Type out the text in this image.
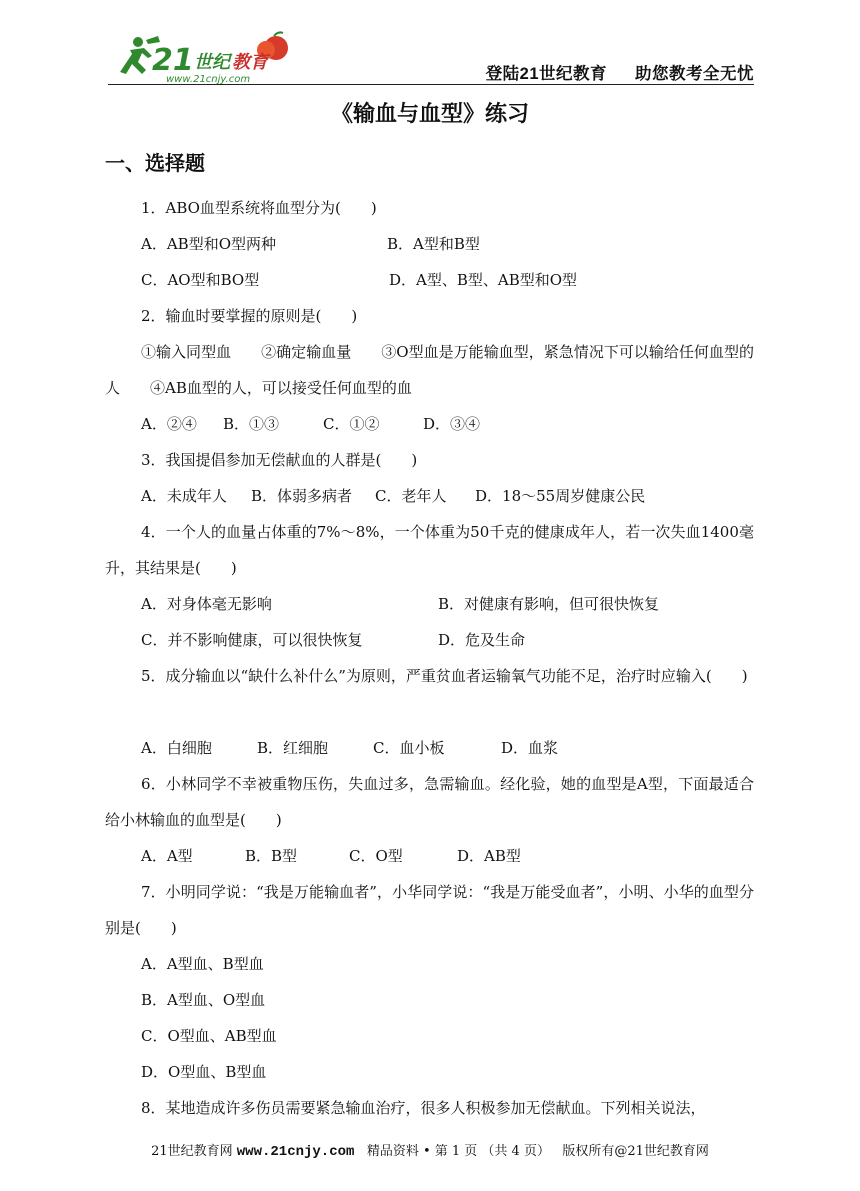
21 世纪 教育
www.21cnjy.com	登陆21世纪教育 助您教考全无忧
《输血与血型》练习
一、选择题
1．ABO血型系统将血型分为(　　)
A．AB型和O型两种	B．A型和B型
C．AO型和BO型	D．A型、B型、AB型和O型
2．输血时要掌握的原则是(　　)
①输入同型血　　②确定输血量　　③O型血是万能输血型，紧急情况下可以输给任何血型的人　　④AB血型的人，可以接受任何血型的血
A．②④ B．①③	C．①②	D．③④
3．我国提倡参加无偿献血的人群是(　　)
A．未成年人 B．体弱多病者 C．老年人 D．18～55周岁健康公民
4．一个人的血量占体重的7%～8%，一个体重为50千克的健康成年人，若一次失血1400毫升，其结果是(　　)
A．对身体毫无影响	B．对健康有影响，但可很快恢复
C．并不影响健康，可以很快恢复	D．危及生命
5．成分输血以“缺什么补什么”为原则，严重贫血者运输氧气功能不足，治疗时应输入(　　)
A．白细胞	B．红细胞	C．血小板	D．血浆
6．小林同学不幸被重物压伤，失血过多，急需输血。经化验，她的血型是A型，下面最适合给小林输血的血型是(　　)
A．A型	B．B型	C．O型	D．AB型
7．小明同学说：“我是万能输血者”，小华同学说：“我是万能受血者”，小明、小华的血型分别是(　　)
A．A型血、B型血
B．A型血、O型血
C．O型血、AB型血
D．O型血、B型血
8．某地造成许多伤员需要紧急输血治疗，很多人积极参加无偿献血。下列相关说法，
21世纪教育网 www.21cnjy.com 精品资料 • 第 1 页 （共 4 页） 版权所有@21世纪教育网
